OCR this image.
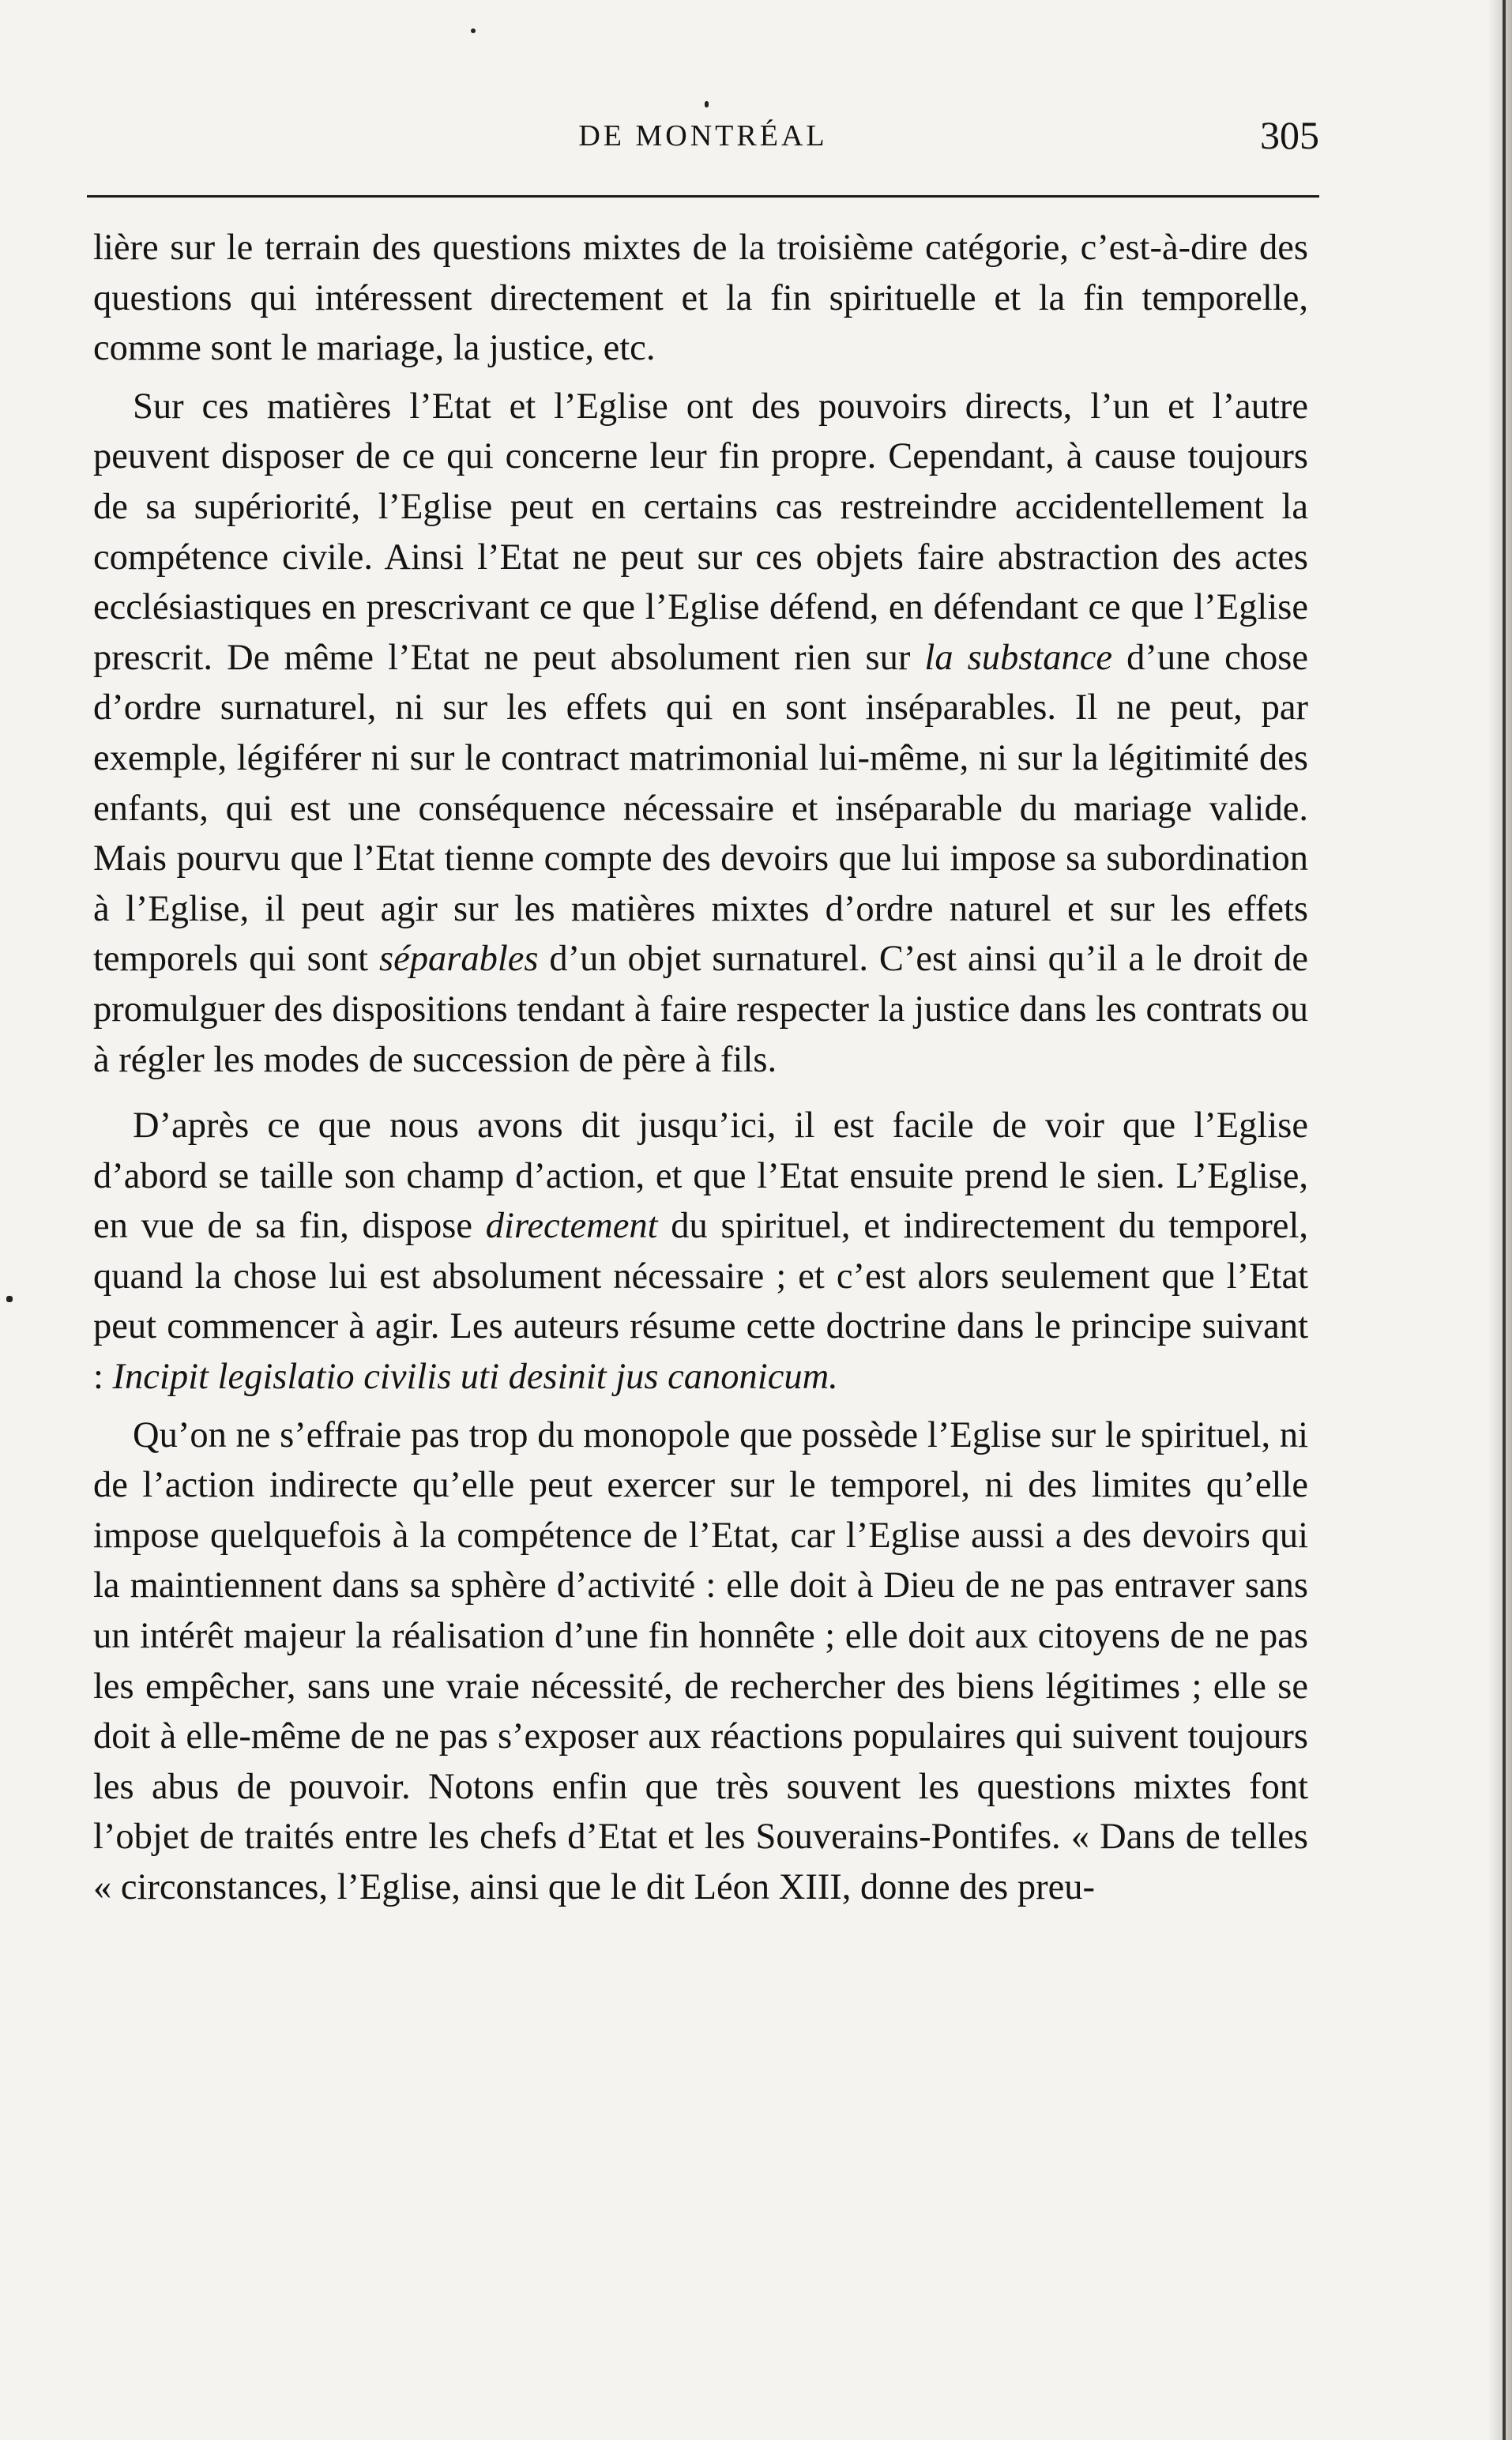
DE MONTRÉAL	305

lière sur le terrain des questions mixtes de la troisième catégorie, c’est-à-dire des questions qui intéressent directement et la fin spirituelle et la fin temporelle, comme sont le mariage, la justice, etc.

Sur ces matières l’Etat et l’Eglise ont des pouvoirs directs, l’un et l’autre peuvent disposer de ce qui concerne leur fin propre. Cependant, à cause toujours de sa supériorité, l’Eglise peut en certains cas restreindre accidentellement la compétence civile. Ainsi l’Etat ne peut sur ces objets faire abstraction des actes ecclésiastiques en prescrivant ce que l’Eglise défend, en défendant ce que l’Eglise prescrit. De même l’Etat ne peut absolument rien sur la substance d’une chose d’ordre surnaturel, ni sur les effets qui en sont inséparables. Il ne peut, par exemple, légiférer ni sur le contract matrimonial lui-même, ni sur la légitimité des enfants, qui est une conséquence nécessaire et inséparable du mariage valide. Mais pourvu que l’Etat tienne compte des devoirs que lui impose sa subordination à l’Eglise, il peut agir sur les matières mixtes d’ordre naturel et sur les effets temporels qui sont séparables d’un objet surnaturel. C’est ainsi qu’il a le droit de promulguer des dispositions tendant à faire respecter la justice dans les contrats ou à régler les modes de succession de père à fils.

D’après ce que nous avons dit jusqu’ici, il est facile de voir que l’Eglise d’abord se taille son champ d’action, et que l’Etat ensuite prend le sien. L’Eglise, en vue de sa fin, dispose directement du spirituel, et indirectement du temporel, quand la chose lui est absolument nécessaire ; et c’est alors seulement que l’Etat peut commencer à agir. Les auteurs résume cette doctrine dans le principe suivant : Incipit legislatio civilis uti desinit jus canonicum.

Qu’on ne s’effraie pas trop du monopole que possède l’Eglise sur le spirituel, ni de l’action indirecte qu’elle peut exercer sur le temporel, ni des limites qu’elle impose quelquefois à la compétence de l’Etat, car l’Eglise aussi a des devoirs qui la maintiennent dans sa sphère d’activité : elle doit à Dieu de ne pas entraver sans un intérêt majeur la réalisation d’une fin honnête ; elle doit aux citoyens de ne pas les empêcher, sans une vraie nécessité, de rechercher des biens légitimes ; elle se doit à elle-même de ne pas s’exposer aux réactions populaires qui suivent toujours les abus de pouvoir. Notons enfin que très souvent les questions mixtes font l’objet de traités entre les chefs d’Etat et les Souverains-Pontifes. « Dans de telles « circonstances, l’Eglise, ainsi que le dit Léon XIII, donne des preu-
